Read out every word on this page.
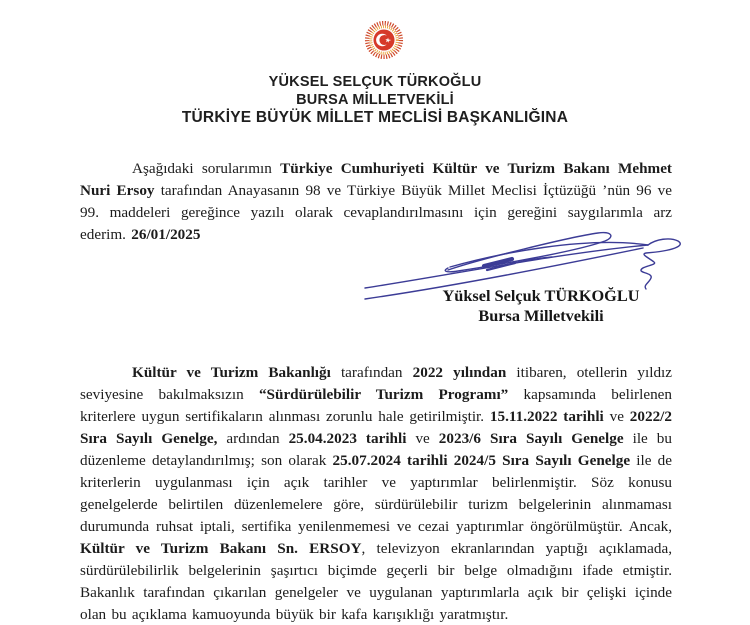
YÜKSEL SELÇUK TÜRKOĞLU
BURSA MİLLETVEKİLİ
TÜRKİYE BÜYÜK MİLLET MECLİSİ BAŞKANLIĞINA

Aşağıdaki sorularımın Türkiye Cumhuriyeti Kültür ve Turizm Bakanı Mehmet Nuri Ersoy tarafından Anayasanın 98 ve Türkiye Büyük Millet Meclisi İçtüzüğü ’nün 96 ve 99. maddeleri gereğince yazılı olarak cevaplandırılmasını için gereğini saygılarımla arz ederim. 26/01/2025

Yüksel Selçuk TÜRKOĞLU
Bursa Milletvekili

Kültür ve Turizm Bakanlığı tarafından 2022 yılından itibaren, otellerin yıldız seviyesine bakılmaksızın “Sürdürülebilir Turizm Programı” kapsamında belirlenen kriterlere uygun sertifikaların alınması zorunlu hale getirilmiştir. 15.11.2022 tarihli ve 2022/2 Sıra Sayılı Genelge, ardından 25.04.2023 tarihli ve 2023/6 Sıra Sayılı Genelge ile bu düzenleme detaylandırılmış; son olarak 25.07.2024 tarihli 2024/5 Sıra Sayılı Genelge ile de kriterlerin uygulanması için açık tarihler ve yaptırımlar belirlenmiştir. Söz konusu genelgelerde belirtilen düzenlemelere göre, sürdürülebilir turizm belgelerinin alınmaması durumunda ruhsat iptali, sertifika yenilenmemesi ve cezai yaptırımlar öngörülmüştür. Ancak, Kültür ve Turizm Bakanı Sn. ERSOY, televizyon ekranlarından yaptığı açıklamada, sürdürülebilirlik belgelerinin şaşırtıcı biçimde geçerli bir belge olmadığını ifade etmiştir. Bakanlık tarafından çıkarılan genelgeler ve uygulanan yaptırımlarla açık bir çelişki içinde olan bu açıklama kamuoyunda büyük bir kafa karışıklığı yaratmıştır.
